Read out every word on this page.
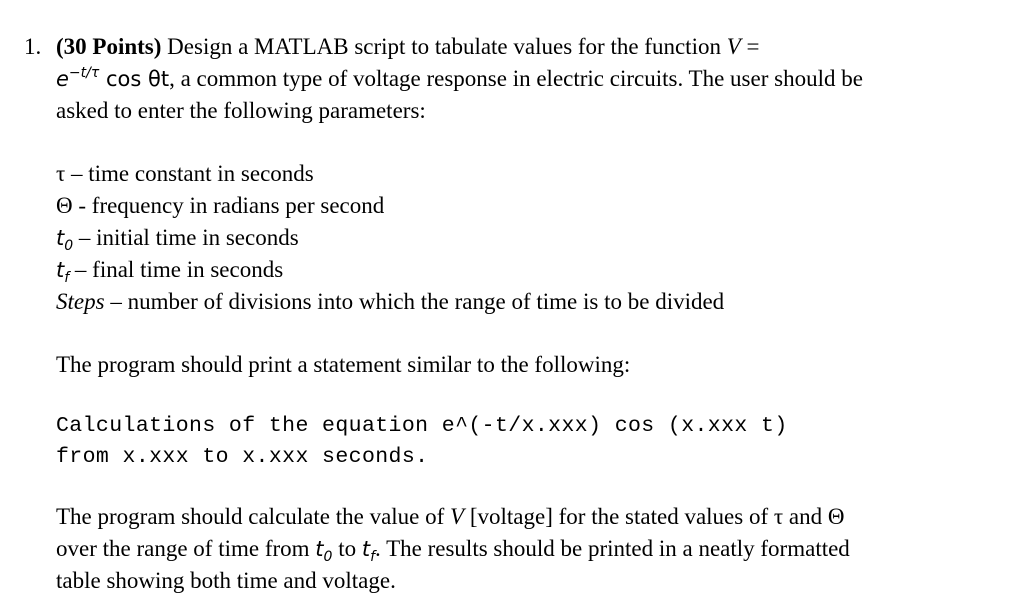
1. (30 Points) Design a MATLAB script to tabulate values for the function V =
$e^{-t/\tau}$ cos θt, a common type of voltage response in electric circuits. The user should be
asked to enter the following parameters:
τ – time constant in seconds
Θ - frequency in radians per second
$t_0$ – initial time in seconds
$t_f$ – final time in seconds
Steps – number of divisions into which the range of time is to be divided
The program should print a statement similar to the following:
Calculations of the equation e^(-t/x.xxx) cos (x.xxx t)
from x.xxx to x.xxx seconds.
The program should calculate the value of V [voltage] for the stated values of τ and Θ
over the range of time from $t_0$ to $t_f$. The results should be printed in a neatly formatted
table showing both time and voltage.
